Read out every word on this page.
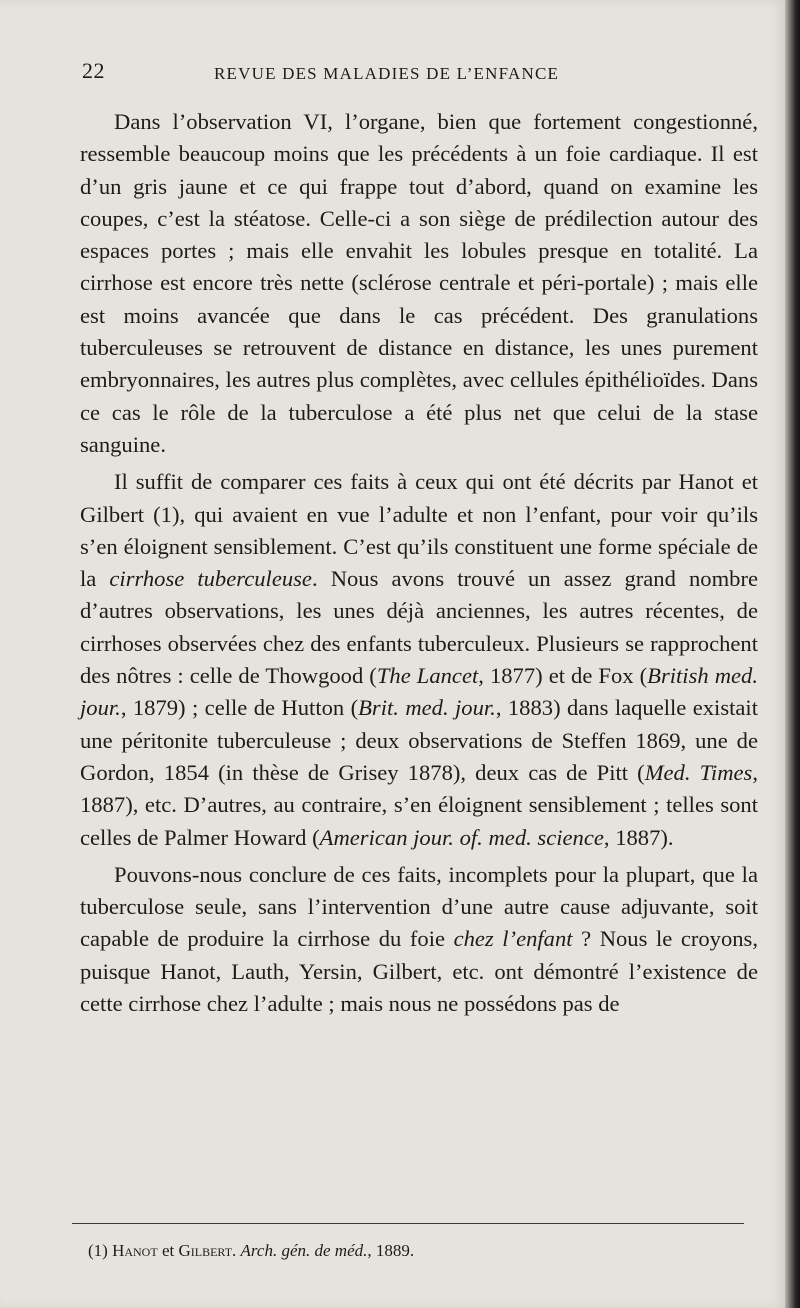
22	REVUE DES MALADIES DE L’ENFANCE

Dans l’observation VI, l’organe, bien que fortement congestionné, ressemble beaucoup moins que les précédents à un foie cardiaque. Il est d’un gris jaune et ce qui frappe tout d’abord, quand on examine les coupes, c’est la stéatose. Celle-ci a son siège de prédilection autour des espaces portes ; mais elle envahit les lobules presque en totalité. La cirrhose est encore très nette (sclérose centrale et péri-portale) ; mais elle est moins avancée que dans le cas précédent. Des granulations tuberculeuses se retrouvent de distance en distance, les unes purement embryonnaires, les autres plus complètes, avec cellules épithélioïdes. Dans ce cas le rôle de la tuberculose a été plus net que celui de la stase sanguine.

Il suffit de comparer ces faits à ceux qui ont été décrits par Hanot et Gilbert (1), qui avaient en vue l’adulte et non l’enfant, pour voir qu’ils s’en éloignent sensiblement. C’est qu’ils constituent une forme spéciale de la cirrhose tuberculeuse. Nous avons trouvé un assez grand nombre d’autres observations, les unes déjà anciennes, les autres récentes, de cirrhoses observées chez des enfants tuberculeux. Plusieurs se rapprochent des nôtres : celle de Thowgood (The Lancet, 1877) et de Fox (British med. jour., 1879) ; celle de Hutton (Brit. med. jour., 1883) dans laquelle existait une péritonite tuberculeuse ; deux observations de Steffen 1869, une de Gordon, 1854 (in thèse de Grisey 1878), deux cas de Pitt (Med. Times, 1887), etc. D’autres, au contraire, s’en éloignent sensiblement ; telles sont celles de Palmer Howard (American jour. of. med. science, 1887).

Pouvons-nous conclure de ces faits, incomplets pour la plupart, que la tuberculose seule, sans l’intervention d’une autre cause adjuvante, soit capable de produire la cirrhose du foie chez l’enfant ? Nous le croyons, puisque Hanot, Lauth, Yersin, Gilbert, etc. ont démontré l’existence de cette cirrhose chez l’adulte ; mais nous ne possédons pas de

(1) Hanot et Gilbert. Arch. gén. de méd., 1889.
